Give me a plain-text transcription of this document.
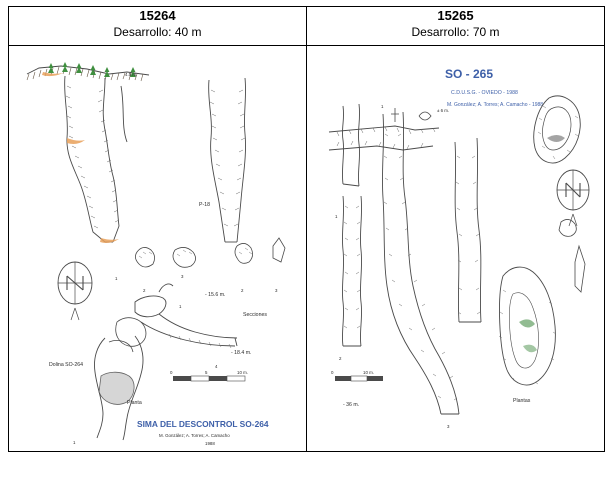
15264
Desarrollo: 40 m

15265
Desarrollo: 70 m

0	5	10 m.
4.5 m.
P-18
1
2
3
- 15.6 m.
Secciones
1
2	3
4
- 18.4 m.
Dolina SO-264
Planta
1
SIMA DEL DESCONTROL SO-264
M. González; A. Torres; A. Camacho
1988

SO - 265
C.D.U.S.G. - OVIEDO - 1988
M. González; A. Torres; A. Camacho - 1988
± 6 m.
1
0	10 m.
1
2
3
- 36 m.
Plantas
